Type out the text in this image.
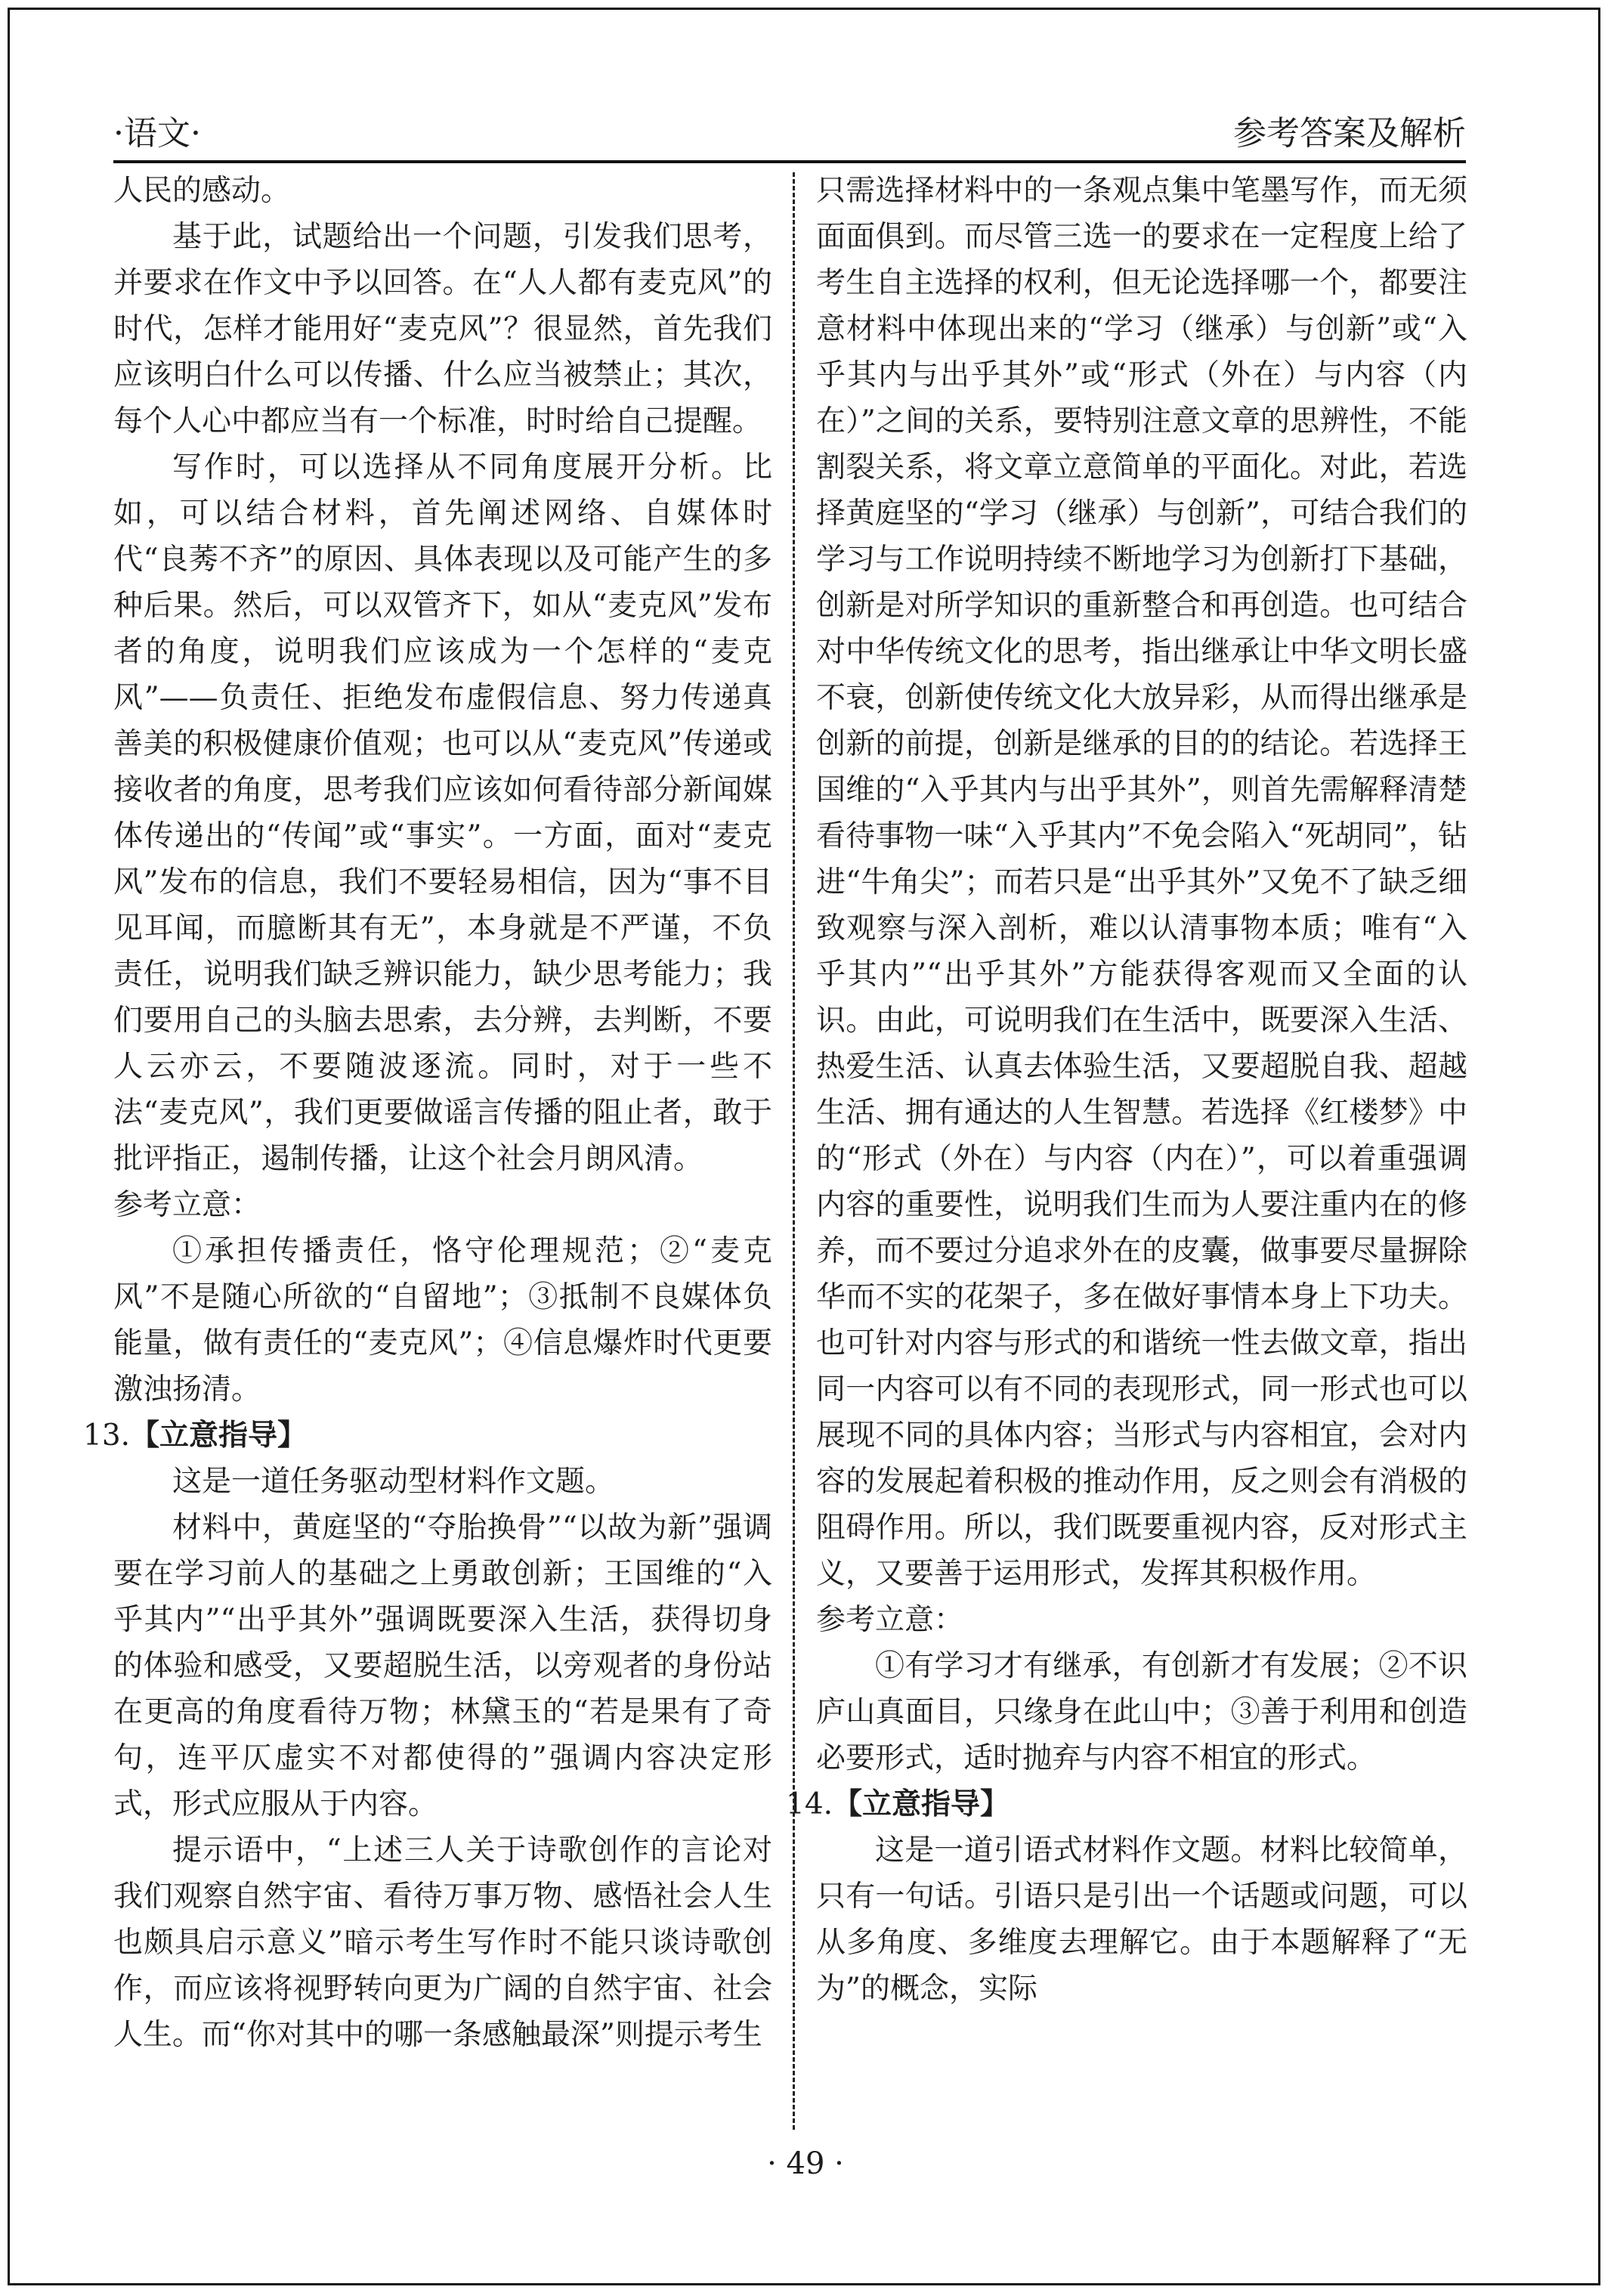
·语文·	参考答案及解析

人民的感动。

基于此，试题给出一个问题，引发我们思考，并要求在作文中予以回答。在“人人都有麦克风”的时代，怎样才能用好“麦克风”？很显然，首先我们应该明白什么可以传播、什么应当被禁止；其次，每个人心中都应当有一个标准，时时给自己提醒。

写作时，可以选择从不同角度展开分析。比如，可以结合材料，首先阐述网络、自媒体时代“良莠不齐”的原因、具体表现以及可能产生的多种后果。然后，可以双管齐下，如从“麦克风”发布者的角度，说明我们应该成为一个怎样的“麦克风”——负责任、拒绝发布虚假信息、努力传递真善美的积极健康价值观；也可以从“麦克风”传递或接收者的角度，思考我们应该如何看待部分新闻媒体传递出的“传闻”或“事实”。一方面，面对“麦克风”发布的信息，我们不要轻易相信，因为“事不目见耳闻，而臆断其有无”，本身就是不严谨，不负责任，说明我们缺乏辨识能力，缺少思考能力；我们要用自己的头脑去思索，去分辨，去判断，不要人云亦云，不要随波逐流。同时，对于一些不法“麦克风”，我们更要做谣言传播的阻止者，敢于批评指正，遏制传播，让这个社会月朗风清。

参考立意：

①承担传播责任，恪守伦理规范；②“麦克风”不是随心所欲的“自留地”；③抵制不良媒体负能量，做有责任的“麦克风”；④信息爆炸时代更要激浊扬清。

13.【立意指导】

这是一道任务驱动型材料作文题。

材料中，黄庭坚的“夺胎换骨”“以故为新”强调要在学习前人的基础之上勇敢创新；王国维的“入乎其内”“出乎其外”强调既要深入生活，获得切身的体验和感受，又要超脱生活，以旁观者的身份站在更高的角度看待万物；林黛玉的“若是果有了奇句，连平仄虚实不对都使得的”强调内容决定形式，形式应服从于内容。

提示语中，“上述三人关于诗歌创作的言论对我们观察自然宇宙、看待万事万物、感悟社会人生也颇具启示意义”暗示考生写作时不能只谈诗歌创作，而应该将视野转向更为广阔的自然宇宙、社会人生。而“你对其中的哪一条感触最深”则提示考生

只需选择材料中的一条观点集中笔墨写作，而无须面面俱到。而尽管三选一的要求在一定程度上给了考生自主选择的权利，但无论选择哪一个，都要注意材料中体现出来的“学习（继承）与创新”或“入乎其内与出乎其外”或“形式（外在）与内容（内在）”之间的关系，要特别注意文章的思辨性，不能割裂关系，将文章立意简单的平面化。对此，若选择黄庭坚的“学习（继承）与创新”，可结合我们的学习与工作说明持续不断地学习为创新打下基础，创新是对所学知识的重新整合和再创造。也可结合对中华传统文化的思考，指出继承让中华文明长盛不衰，创新使传统文化大放异彩，从而得出继承是创新的前提，创新是继承的目的的结论。若选择王国维的“入乎其内与出乎其外”，则首先需解释清楚看待事物一味“入乎其内”不免会陷入“死胡同”，钻进“牛角尖”；而若只是“出乎其外”又免不了缺乏细致观察与深入剖析，难以认清事物本质；唯有“入乎其内”“出乎其外”方能获得客观而又全面的认识。由此，可说明我们在生活中，既要深入生活、热爱生活、认真去体验生活，又要超脱自我、超越生活、拥有通达的人生智慧。若选择《红楼梦》中的“形式（外在）与内容（内在）”，可以着重强调内容的重要性，说明我们生而为人要注重内在的修养，而不要过分追求外在的皮囊，做事要尽量摒除华而不实的花架子，多在做好事情本身上下功夫。也可针对内容与形式的和谐统一性去做文章，指出同一内容可以有不同的表现形式，同一形式也可以展现不同的具体内容；当形式与内容相宜，会对内容的发展起着积极的推动作用，反之则会有消极的阻碍作用。所以，我们既要重视内容，反对形式主义，又要善于运用形式，发挥其积极作用。

参考立意：

①有学习才有继承，有创新才有发展；②不识庐山真面目，只缘身在此山中；③善于利用和创造必要形式，适时抛弃与内容不相宜的形式。

14.【立意指导】

这是一道引语式材料作文题。材料比较简单，只有一句话。引语只是引出一个话题或问题，可以从多角度、多维度去理解它。由于本题解释了“无为”的概念，实际

· 49 ·
